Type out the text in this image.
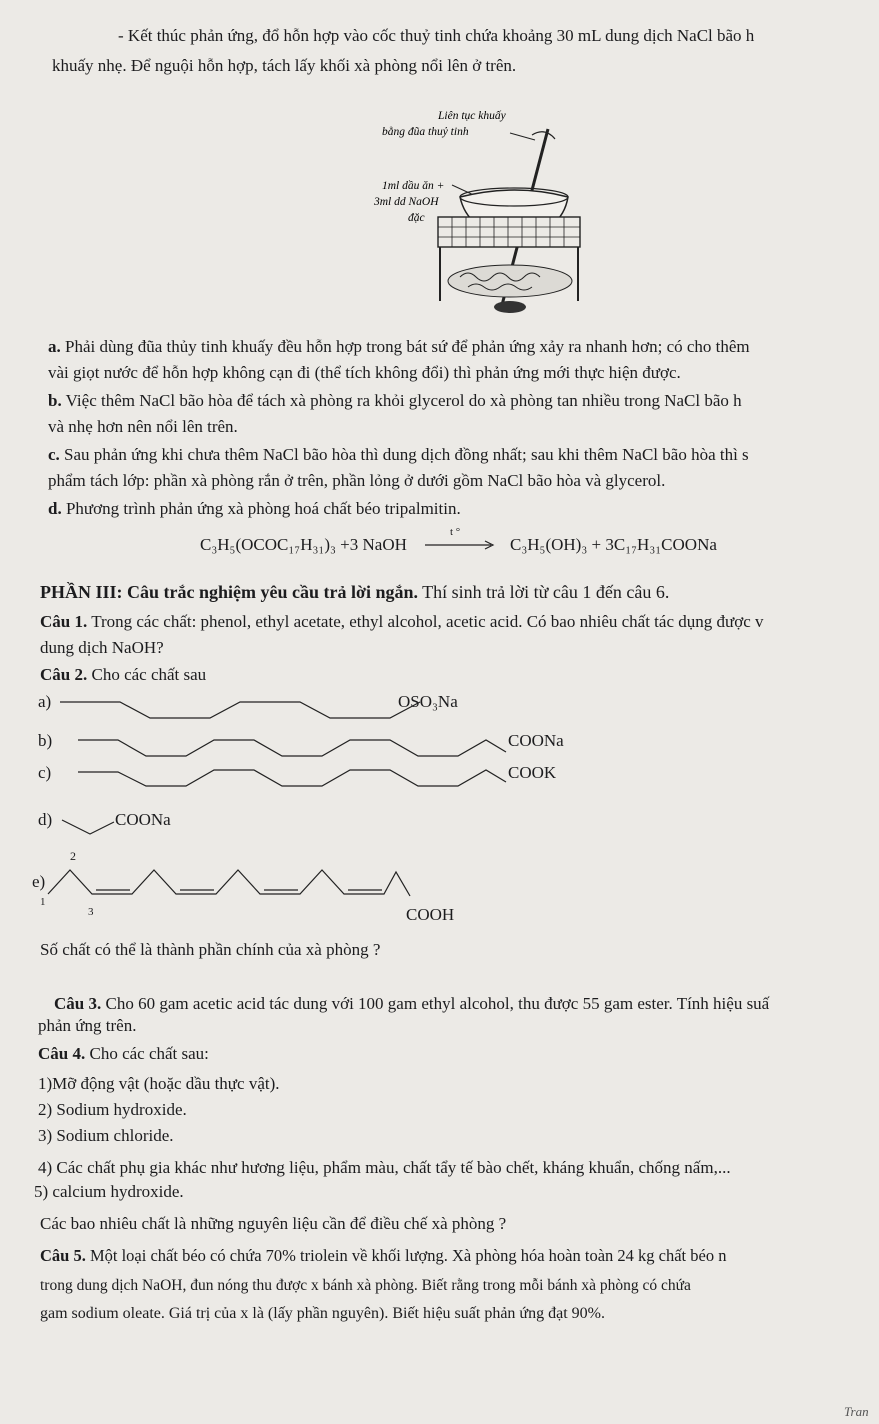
- Kết thúc phản ứng, đổ hỗn hợp vào cốc thuỷ tinh chứa khoảng 30 mL dung dịch NaCl bão h
khuấy nhẹ. Để nguội hỗn hợp, tách lấy khối xà phòng nổi lên ở trên.
Liên tục khuấy
bằng đũa thuỷ tinh
1ml dầu ăn +
3ml dd NaOH
đặc
a. Phải dùng đũa thủy tinh khuấy đều hỗn hợp trong bát sứ để phản ứng xảy ra nhanh hơn; có cho thêm
vài giọt nước để hỗn hợp không cạn đi (thể tích không đổi) thì phản ứng mới thực hiện được.
b. Việc thêm NaCl bão hòa để tách xà phòng ra khỏi glycerol do xà phòng tan nhiều trong NaCl bão h
và nhẹ hơn nên nổi lên trên.
c. Sau phản ứng khi chưa thêm NaCl bão hòa thì dung dịch đồng nhất; sau khi thêm NaCl bão hòa thì s
phẩm tách lớp: phần xà phòng rắn ở trên, phần lỏng ở dưới gồm NaCl bão hòa và glycerol.
d. Phương trình phản ứng xà phòng hoá chất béo tripalmitin.
C₃H₅(OCOC₁₇H₃₁)₃ +3 NaOH
t °
C₃H₅(OH)₃ + 3C₁₇H₃₁COONa
PHẦN III: Câu trắc nghiệm yêu cầu trả lời ngắn. Thí sinh trả lời từ câu 1 đến câu 6.
Câu 1. Trong các chất: phenol, ethyl acetate, ethyl alcohol, acetic acid. Có bao nhiêu chất tác dụng được v
dung dịch NaOH?
Câu 2. Cho các chất sau
a)	OSO₃Na
b)	COONa
c)	COOK
d)	COONa
2
e)
1
3	COOH
Số chất có thể là thành phần chính của xà phòng ?
Câu 3. Cho 60 gam acetic acid tác dung với 100 gam ethyl alcohol, thu được 55 gam ester. Tính hiệu suấ
phản ứng trên.
Câu 4. Cho các chất sau:
1)Mỡ động vật (hoặc dầu thực vật).
2) Sodium hydroxide.
3) Sodium chloride.
4) Các chất phụ gia khác như hương liệu, phẩm màu, chất tẩy tế bào chết, kháng khuẩn, chống nấm,...
5) calcium hydroxide.
Các bao nhiêu chất là những nguyên liệu cần để điều chế xà phòng ?
Câu 5. Một loại chất béo có chứa 70% triolein về khối lượng. Xà phòng hóa hoàn toàn 24 kg chất béo n
trong dung dịch NaOH, đun nóng thu được x bánh xà phòng. Biết rằng trong mỗi bánh xà phòng có chứa
gam sodium oleate. Giá trị của x là (lấy phần nguyên). Biết hiệu suất phản ứng đạt 90%.
Tran
